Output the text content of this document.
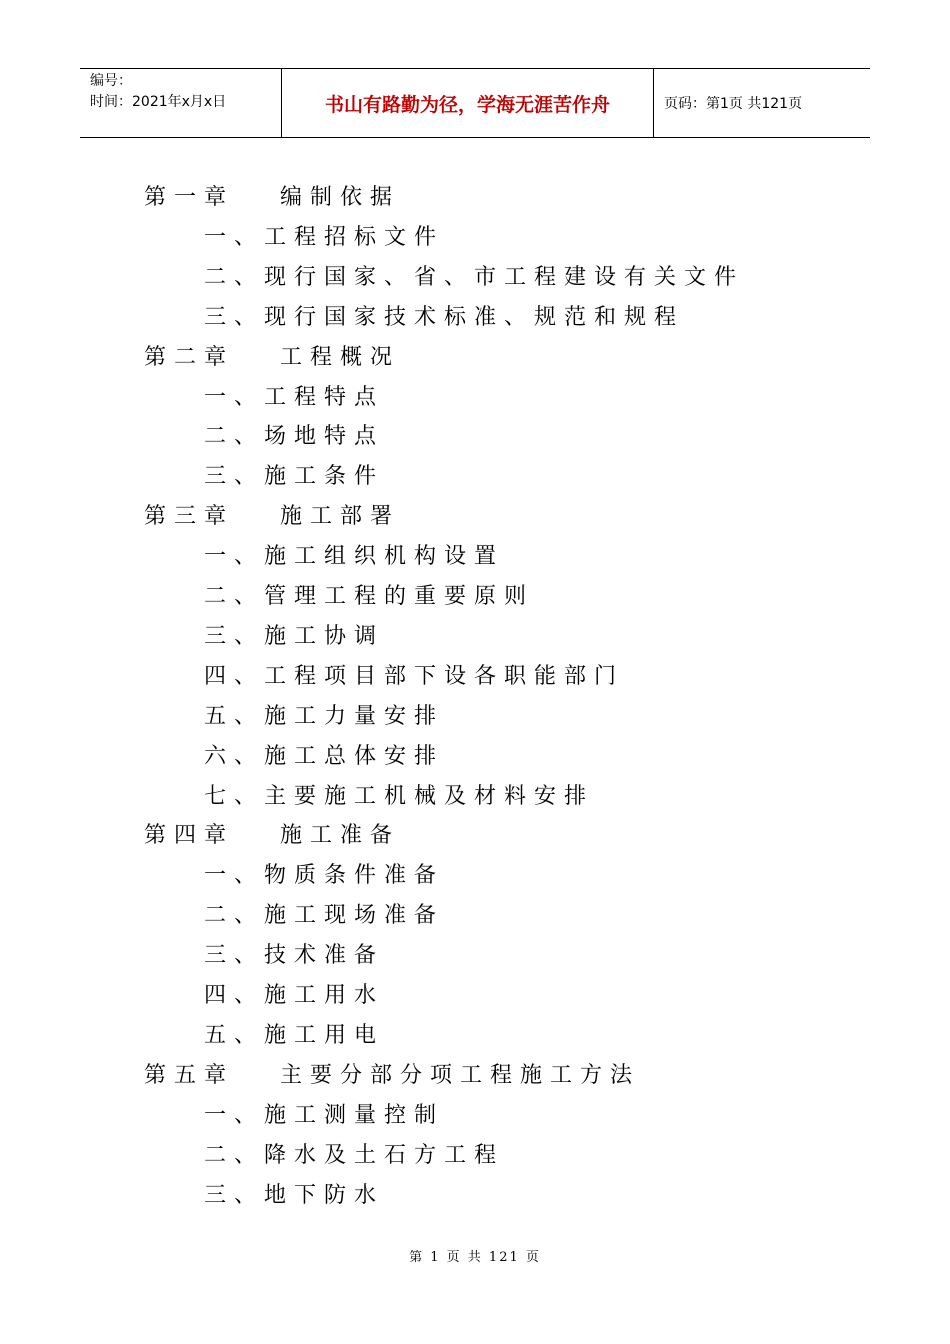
编号：
时间：2021年x月x日	书山有路勤为径，学海无涯苦作舟	页码：第1页 共121页
第一章 编制依据
一、工程招标文件
二、现行国家、省、市工程建设有关文件
三、现行国家技术标准、规范和规程
第二章 工程概况
一、工程特点
二、场地特点
三、施工条件
第三章 施工部署
一、施工组织机构设置
二、管理工程的重要原则
三、施工协调
四、工程项目部下设各职能部门
五、施工力量安排
六、施工总体安排
七、主要施工机械及材料安排
第四章 施工准备
一、物质条件准备
二、施工现场准备
三、技术准备
四、施工用水
五、施工用电
第五章 主要分部分项工程施工方法
一、施工测量控制
二、降水及土石方工程
三、地下防水
第 1 页 共 121 页
